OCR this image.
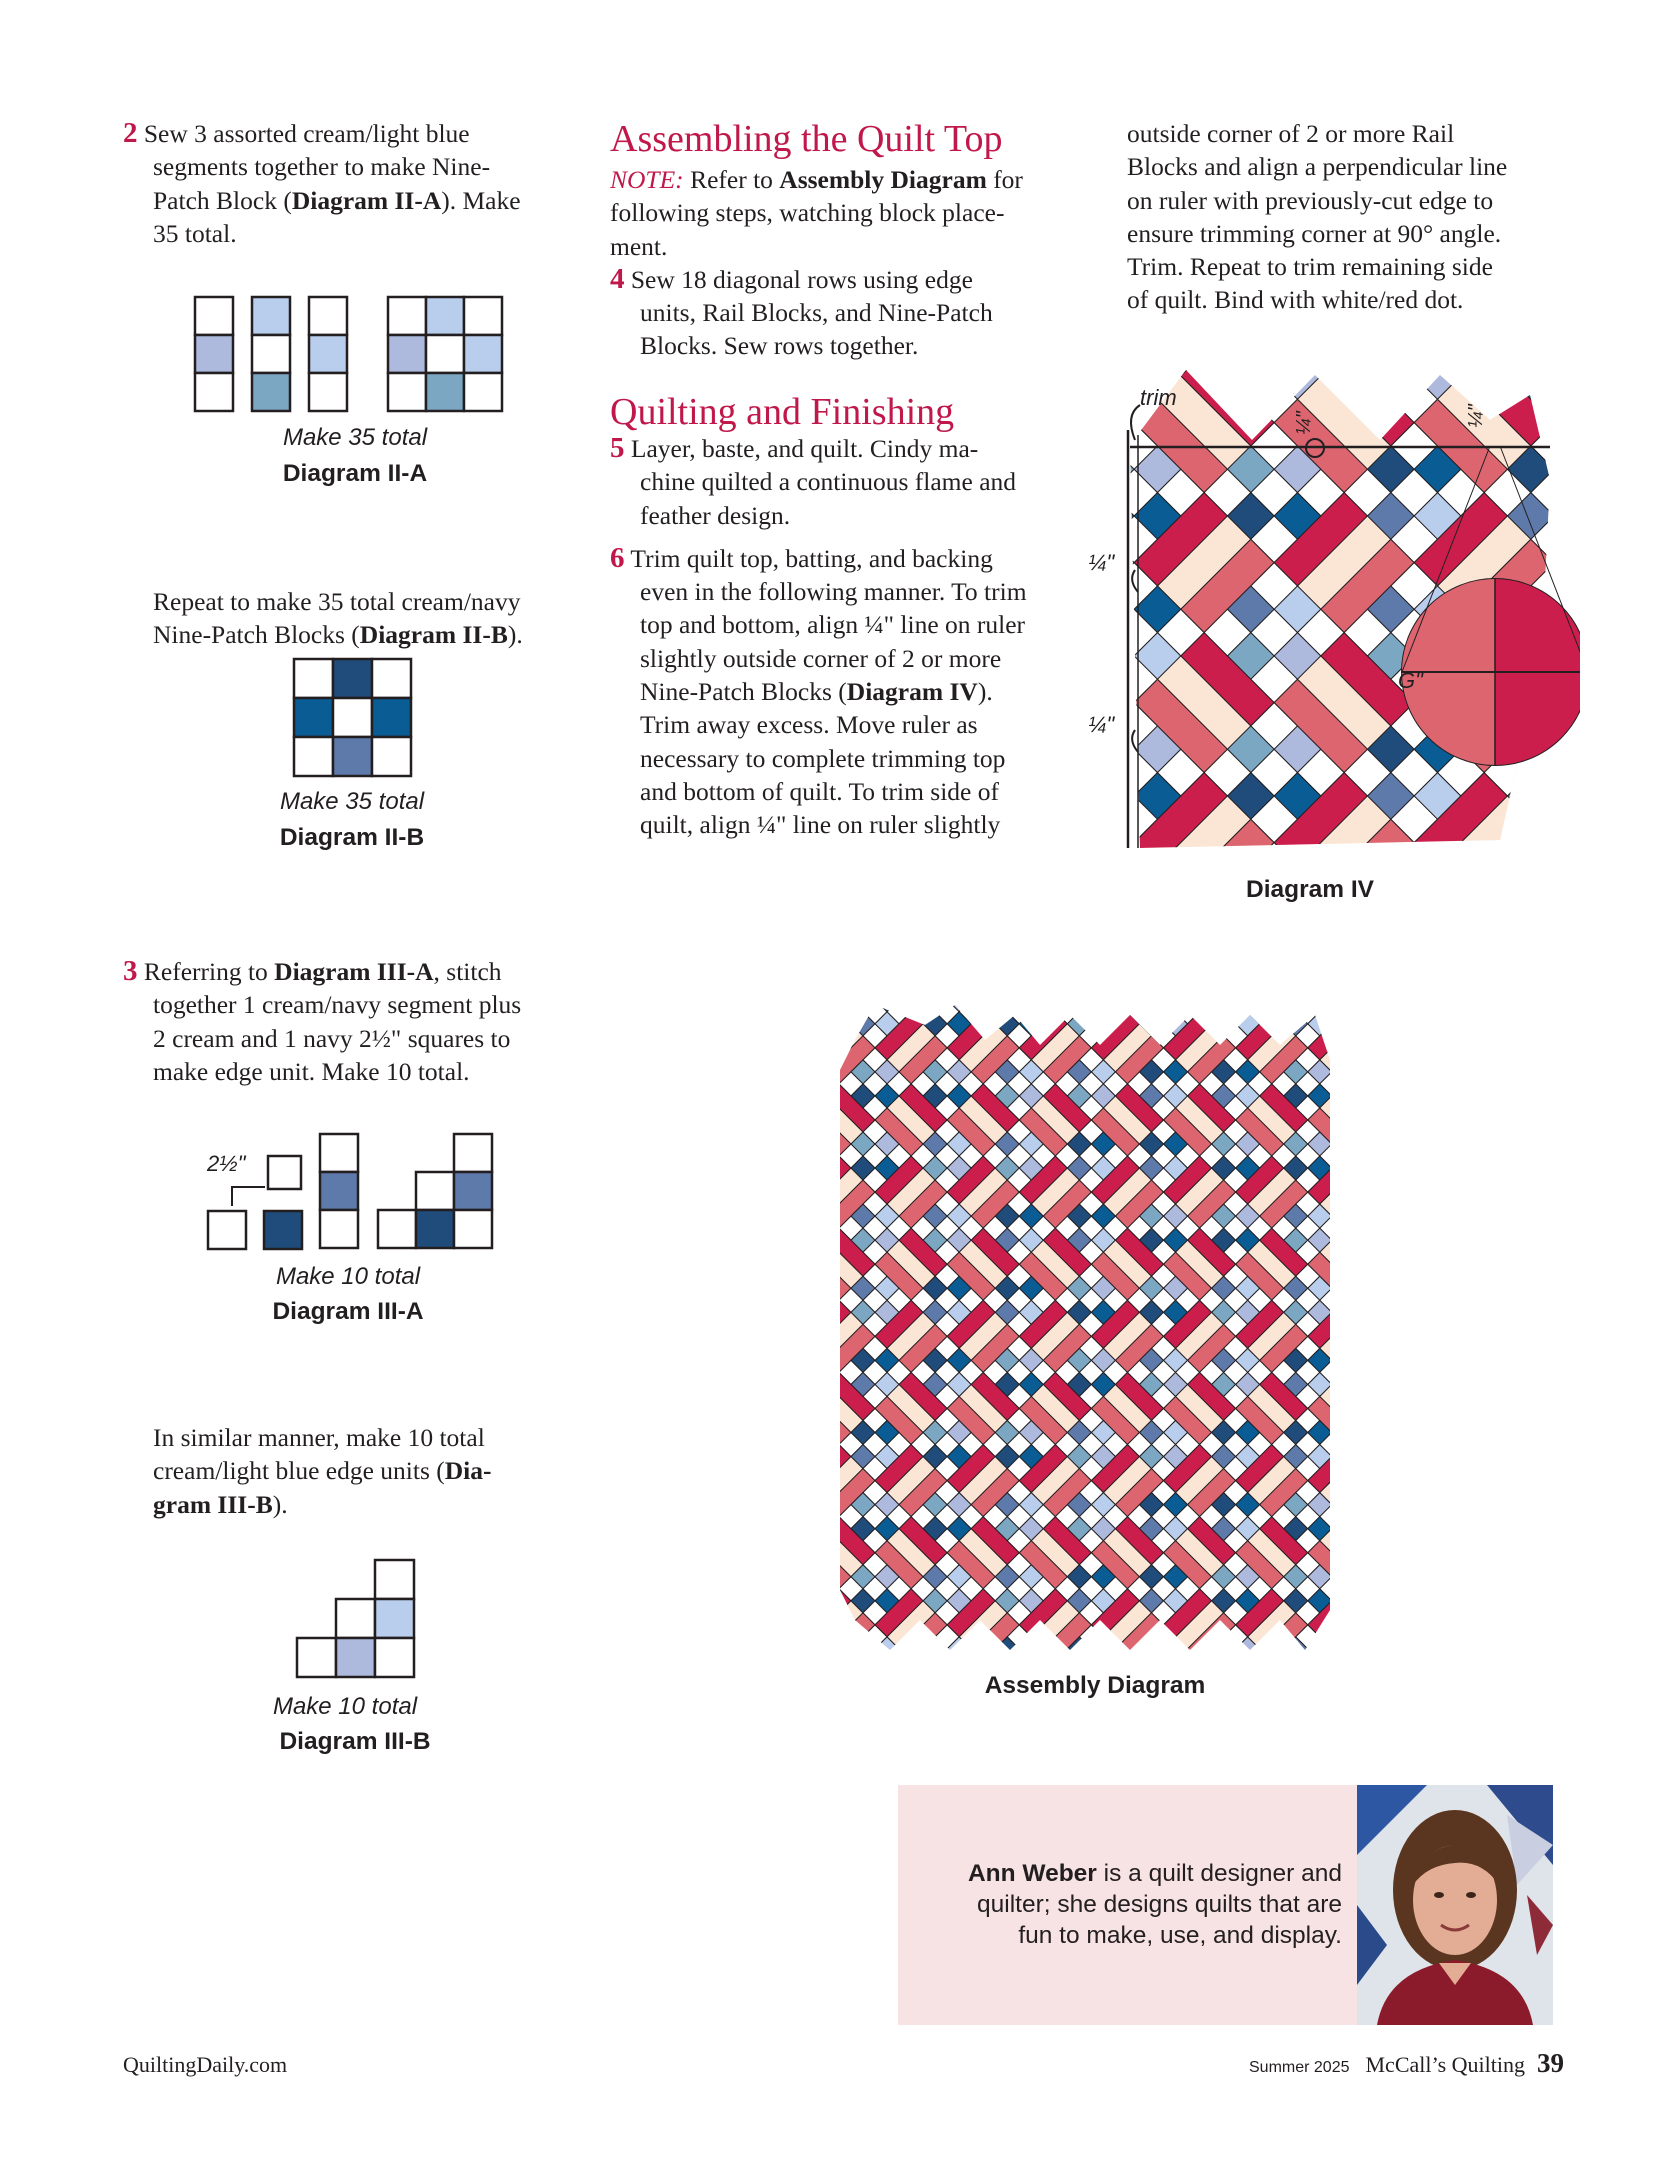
2 Sew 3 assorted cream/light blue
segments together to make Nine-
Patch Block (Diagram II-A). Make
35 total.
Make 35 total
Diagram II-A
Repeat to make 35 total cream/navy
Nine-Patch Blocks (Diagram II-B).
Make 35 total
Diagram II-B
3 Referring to Diagram III-A, stitch
together 1 cream/navy segment plus
2 cream and 1 navy 2½" squares to
make edge unit. Make 10 total.
2½"
Make 10 total
Diagram III-A
In similar manner, make 10 total
cream/light blue edge units (Dia-
gram III-B).
Make 10 total
Diagram III-B
Assembling the Quilt Top
NOTE: Refer to Assembly Diagram for
following steps, watching block place-
ment.
4 Sew 18 diagonal rows using edge
units, Rail Blocks, and Nine-Patch
Blocks. Sew rows together.
Quilting and Finishing
5 Layer, baste, and quilt. Cindy ma-
chine quilted a continuous flame and
feather design.
6 Trim quilt top, batting, and backing
even in the following manner. To trim
top and bottom, align ¼" line on ruler
slightly outside corner of 2 or more
Nine-Patch Blocks (Diagram IV).
Trim away excess. Move ruler as
necessary to complete trimming top
and bottom of quilt. To trim side of
quilt, align ¼" line on ruler slightly
outside corner of 2 or more Rail
Blocks and align a perpendicular line
on ruler with previously-cut edge to
ensure trimming corner at 90° angle.
Trim. Repeat to trim remaining side
of quilt. Bind with white/red dot.
trim
¼"
¼"
¼"	¼"
G"
Diagram IV
Assembly Diagram
Ann Weber is a quilt designer and
quilter; she designs quilts that are
fun to make, use, and display.
QuiltingDaily.com	Summer 2025 McCall’s Quilting 39
